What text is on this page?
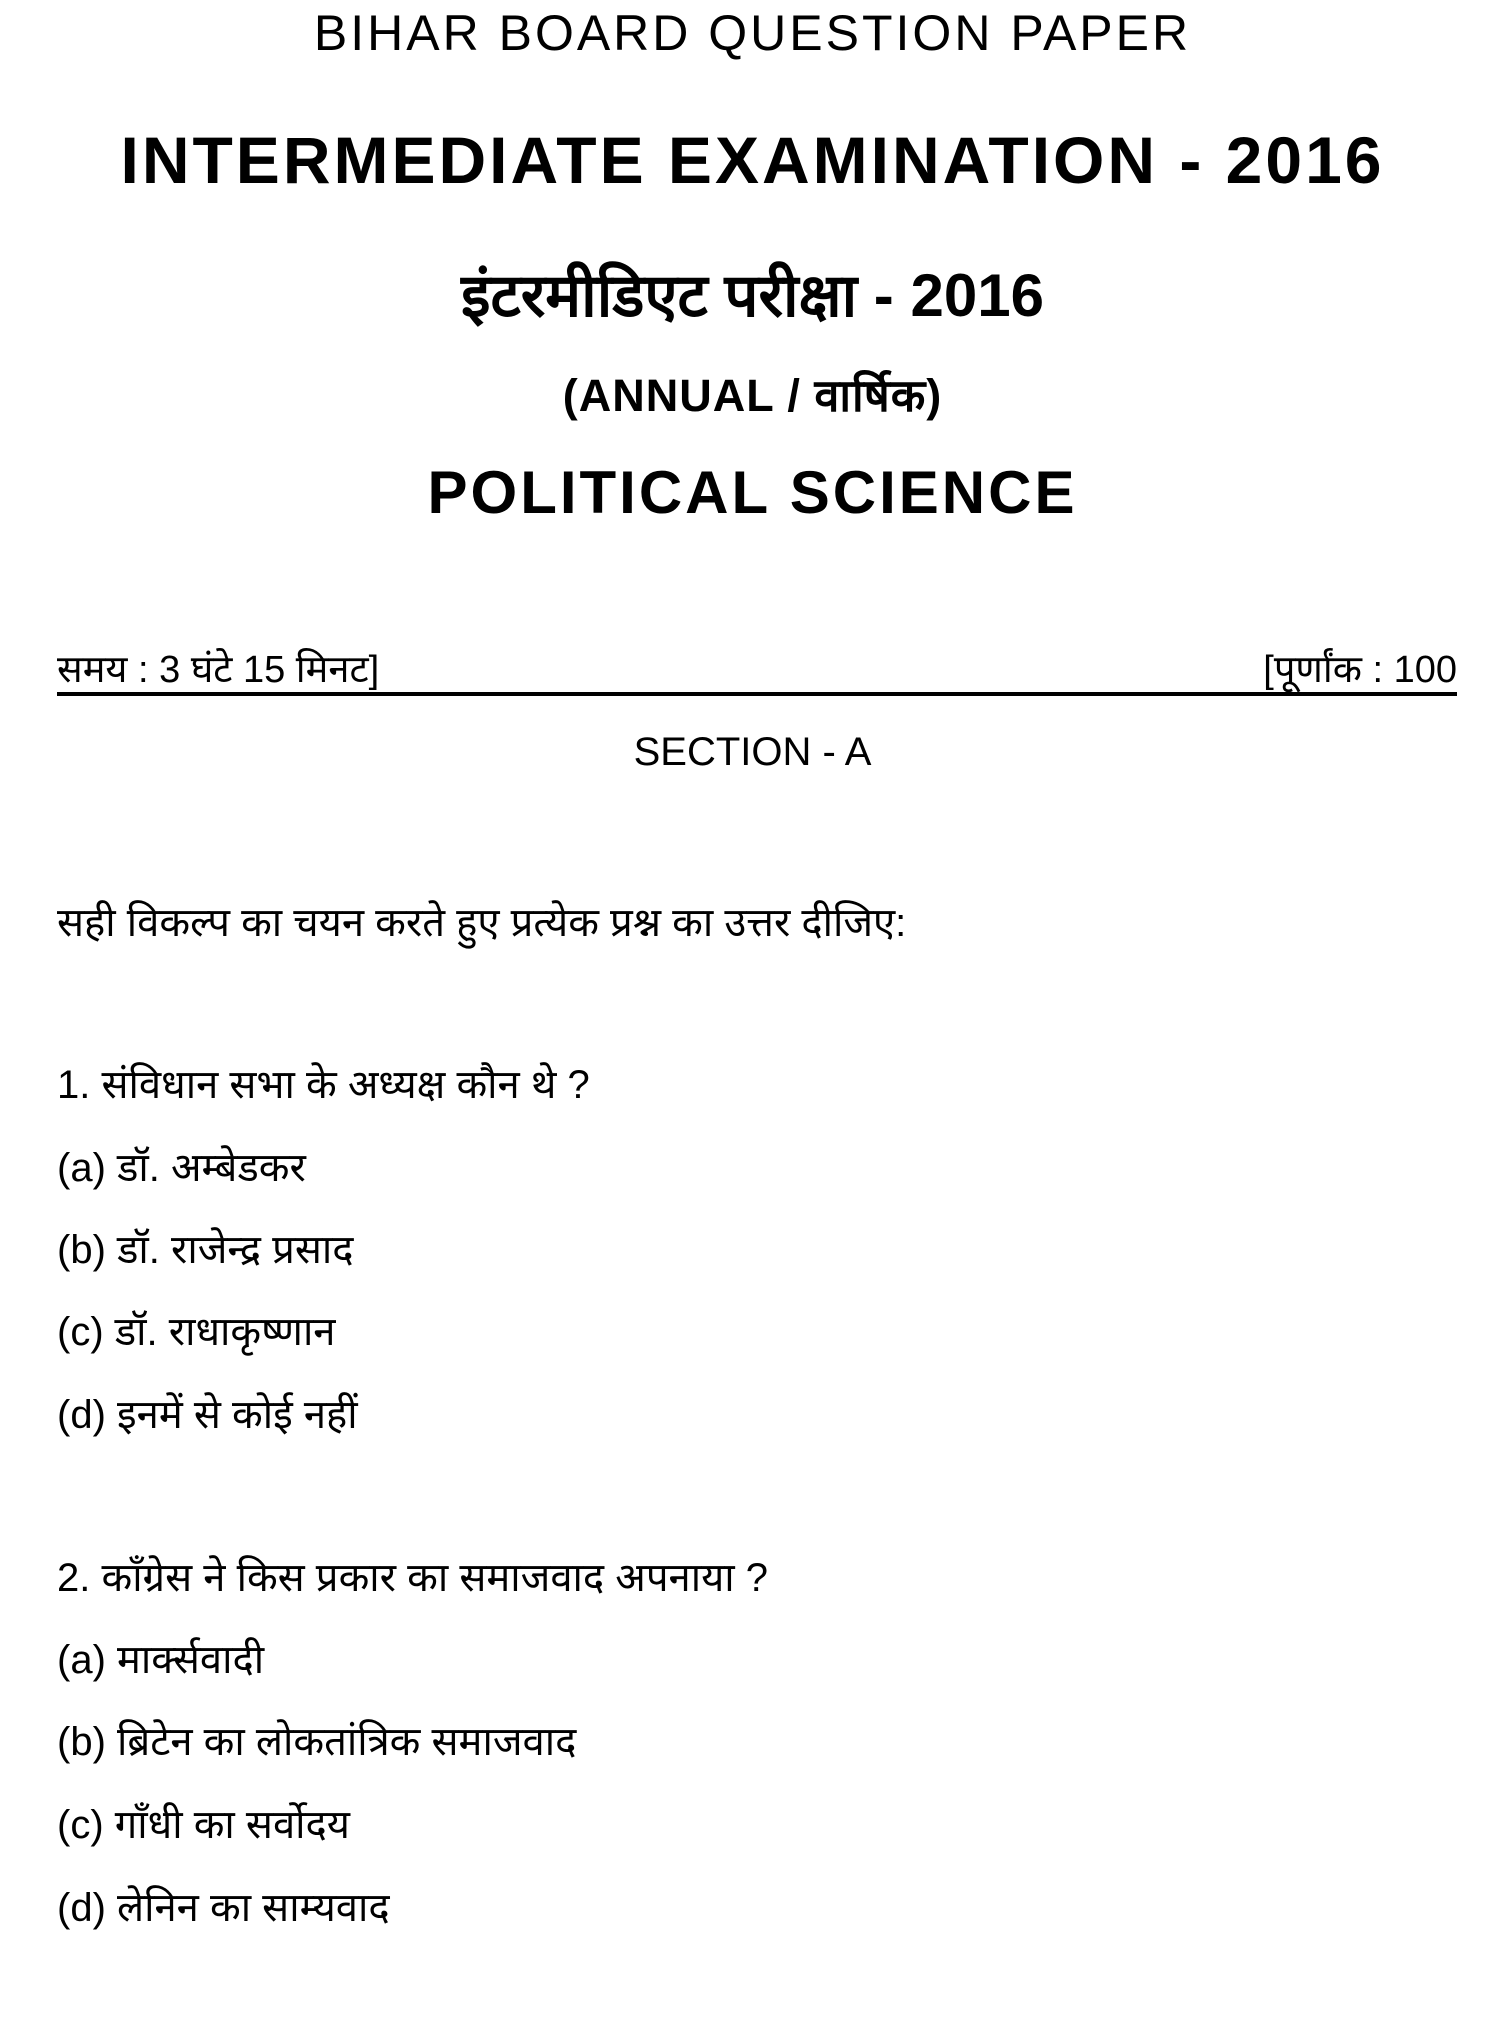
BIHAR BOARD QUESTION PAPER
INTERMEDIATE EXAMINATION - 2016
इंटरमीडिएट परीक्षा - 2016
(ANNUAL / वार्षिक)
POLITICAL SCIENCE
समय : 3 घंटे 15 मिनट]	[पूर्णांक : 100
SECTION - A
सही विकल्प का चयन करते हुए प्रत्येक प्रश्न का उत्तर दीजिए:
1. संविधान सभा के अध्यक्ष कौन थे ?
(a) डॉ. अम्बेडकर
(b) डॉ. राजेन्द्र प्रसाद
(c) डॉ. राधाकृष्णान
(d) इनमें से कोई नहीं
2. कॉंग्रेस ने किस प्रकार का समाजवाद अपनाया ?
(a) मार्क्सवादी
(b) ब्रिटेन का लोकतांत्रिक समाजवाद
(c) गाँधी का सर्वोदय
(d) लेनिन का साम्यवाद
